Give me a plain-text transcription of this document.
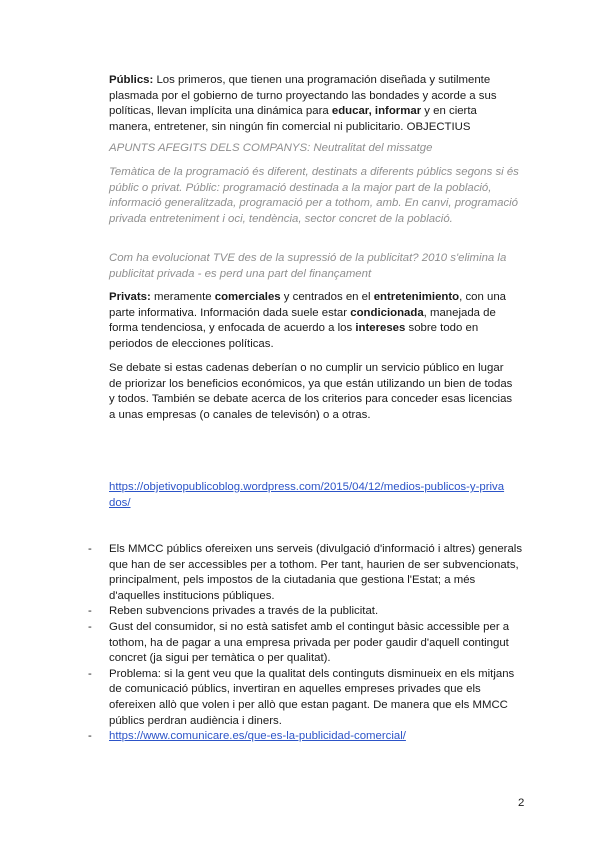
Públics: Los primeros, que tienen una programación diseñada y sutilmente plasmada por el gobierno de turno proyectando las bondades y acorde a sus políticas, llevan implícita una dinámica para educar, informar y en cierta manera, entretener, sin ningún fin comercial ni publicitario. OBJECTIUS

APUNTS AFEGITS DELS COMPANYS: Neutralitat del missatge

Temàtica de la programació és diferent, destinats a diferents públics segons si és públic o privat. Públic: programació destinada a la major part de la població, informació generalitzada, programació per a tothom, amb. En canvi, programació privada entreteniment i oci, tendència, sector concret de la població.

Com ha evolucionat TVE des de la supressió de la publicitat? 2010 s'elimina la publicitat privada - es perd una part del finançament

Privats: meramente comerciales y centrados en el entretenimiento, con una parte informativa. Información dada suele estar condicionada, manejada de forma tendenciosa, y enfocada de acuerdo a los intereses sobre todo en periodos de elecciones políticas.

Se debate si estas cadenas deberían o no cumplir un servicio público en lugar de priorizar los beneficios económicos, ya que están utilizando un bien de todas y todos. También se debate acerca de los criterios para conceder esas licencias a unas empresas (o canales de televisón) o a otras.

https://objetivopublicoblog.wordpress.com/2015/04/12/medios-publicos-y-privados/

- Els MMCC públics ofereixen uns serveis (divulgació d'informació i altres) generals que han de ser accessibles per a tothom. Per tant, haurien de ser subvencionats, principalment, pels impostos de la ciutadania que gestiona l'Estat; a més d'aquelles institucions públiques.
- Reben subvencions privades a través de la publicitat.
- Gust del consumidor, si no està satisfet amb el contingut bàsic accessible per a tothom, ha de pagar a una empresa privada per poder gaudir d'aquell contingut concret (ja sigui per temàtica o per qualitat).
- Problema: si la gent veu que la qualitat dels continguts disminueix en els mitjans de comunicació públics, invertiran en aquelles empreses privades que els ofereixen allò que volen i per allò que estan pagant. De manera que els MMCC públics perdran audiència i diners.
- https://www.comunicare.es/que-es-la-publicidad-comercial/
2
